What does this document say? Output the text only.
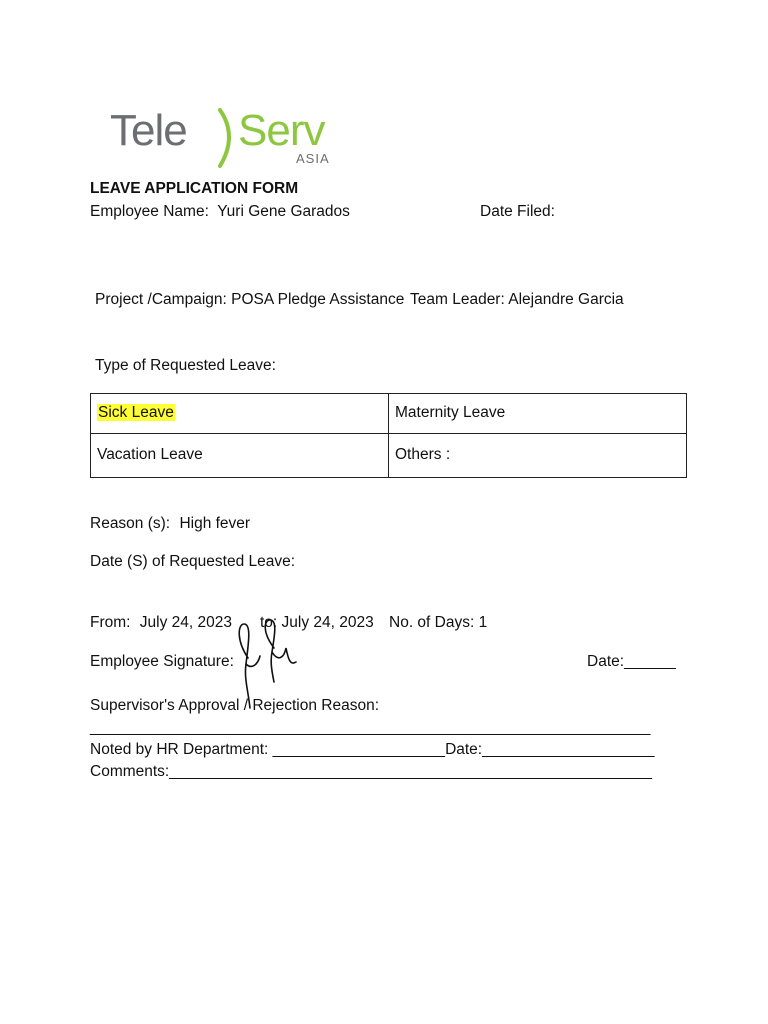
Tele Serv
ASIA
LEAVE APPLICATION FORM
Employee Name: Yuri Gene Garados	Date Filed:
Project /Campaign: POSA Pledge Assistance Team Leader: Alejandre Garcia
Type of Requested Leave:
Sick Leave	Maternity Leave
Vacation Leave	Others :
Reason (s): High fever
Date (S) of Requested Leave:
From: July 24, 2023 to: July 24, 2023 No. of Days: 1
Employee Signature:	Date:______
Supervisor's Approval / Rejection Reason:
_________________________________________________________________
Noted by HR Department: ____________________Date:____________________
Comments:________________________________________________________
